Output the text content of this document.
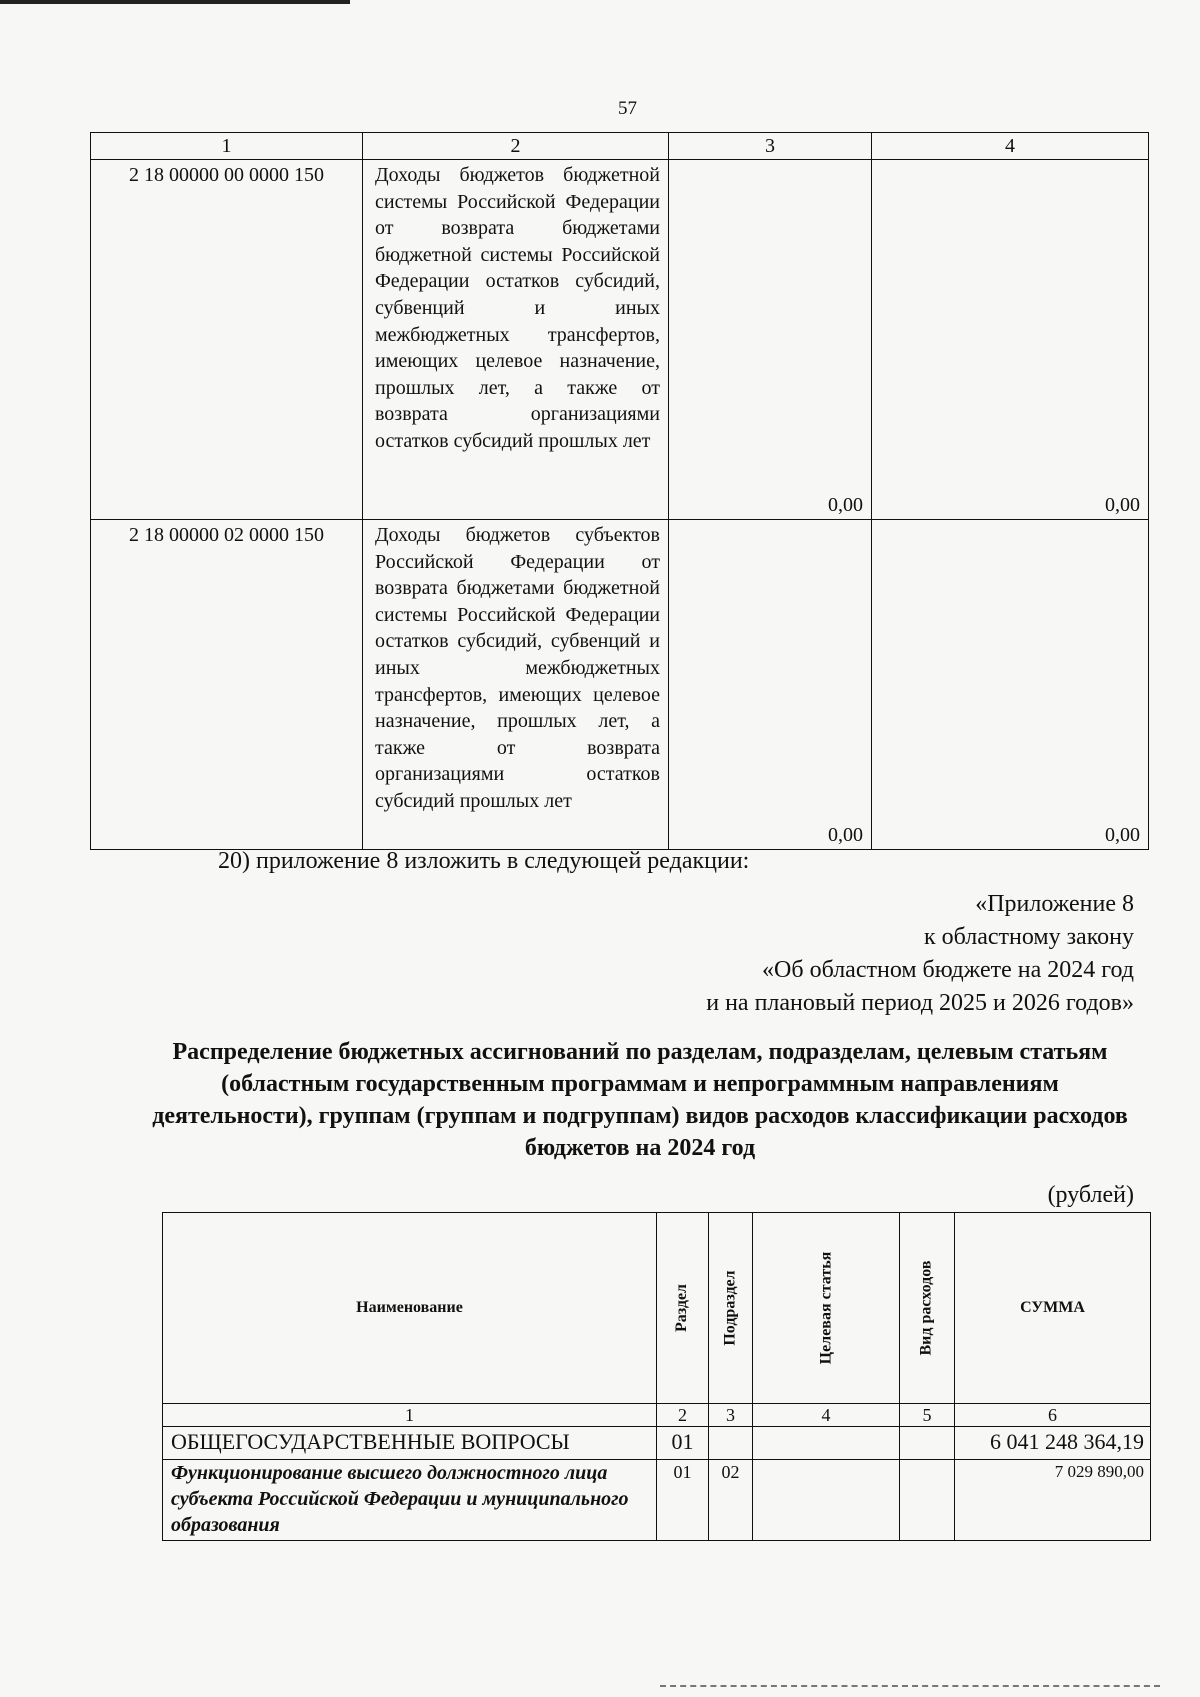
57
1	2	3	4
2 18 00000 00 0000 150	Доходы бюджетов бюджетной системы Российской Федерации от возврата бюджетами бюджетной системы Российской Федерации остатков субсидий, субвенций и иных межбюджетных трансфертов, имеющих целевое назначение, прошлых лет, а также от возврата организациями остатков субсидий прошлых лет	0,00	0,00
2 18 00000 02 0000 150	Доходы бюджетов субъектов Российской Федерации от возврата бюджетами бюджетной системы Российской Федерации остатков субсидий, субвенций и иных межбюджетных трансфертов, имеющих целевое назначение, прошлых лет, а также от возврата организациями остатков субсидий прошлых лет	0,00	0,00
20) приложение 8 изложить в следующей редакции:
«Приложение 8
к областному закону
«Об областном бюджете на 2024 год
и на плановый период 2025 и 2026 годов»
Распределение бюджетных ассигнований по разделам, подразделам, целевым статьям (областным государственным программам и непрограммным направлениям деятельности), группам (группам и подгруппам) видов расходов классификации расходов бюджетов на 2024 год
(рублей)
Наименование	Раздел	Подраздел	Целевая статья	Вид расходов	СУММА
1	2	3	4	5	6
ОБЩЕГОСУДАРСТВЕННЫЕ ВОПРОСЫ	01				6 041 248 364,19
Функционирование высшего должностного лица субъекта Российской Федерации и муниципального образования	01	02			7 029 890,00
